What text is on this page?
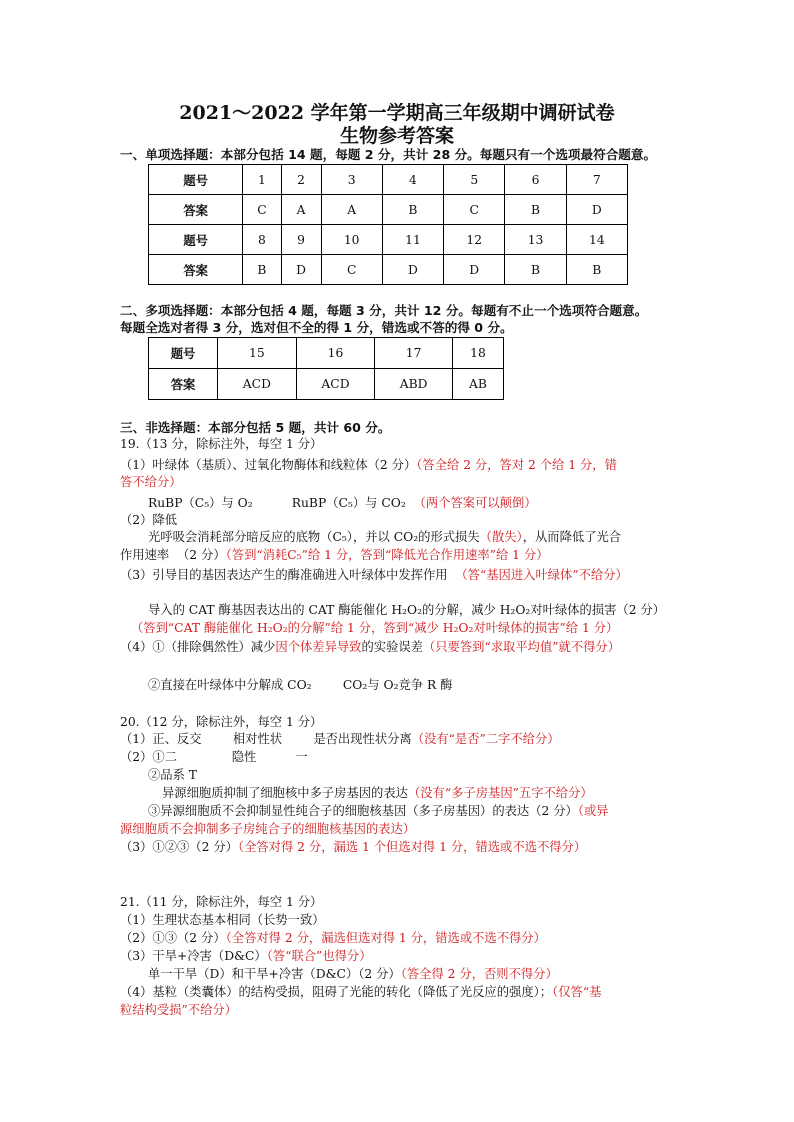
2021～2022 学年第一学期高三年级期中调研试卷
生物参考答案
一、单项选择题：本部分包括 14 题，每题 2 分，共计 28 分。每题只有一个选项最符合题意。
题号	1	2	3	4	5	6	7
答案	C	A	A	B	C	B	D
题号	8	9	10	11	12	13	14
答案	B	D	C	D	D	B	B
二、多项选择题：本部分包括 4 题，每题 3 分，共计 12 分。每题有不止一个选项符合题意。
每题全选对者得 3 分，选对但不全的得 1 分，错选或不答的得 0 分。
题号	15	16	17	18
答案	ACD	ACD	ABD	AB
三、非选择题：本部分包括 5 题，共计 60 分。
19.（13 分，除标注外，每空 1 分）
（1）叶绿体（基质）、过氧化物酶体和线粒体（2 分）（答全给 2 分，答对 2 个给 1 分，错
答不给分）
RuBP（C₅）与 O₂          RuBP（C₅）与 CO₂  （两个答案可以颠倒）
（2）降低
光呼吸会消耗部分暗反应的底物（C₅），并以 CO₂的形式损失（散失），从而降低了光合
作用速率  （2 分）（答到“消耗C₅”给 1 分，答到“降低光合作用速率”给 1 分）
（3）引导目的基因表达产生的酶准确进入叶绿体中发挥作用  （答“基因进入叶绿体”不给分）
导入的 CAT 酶基因表达出的 CAT 酶能催化 H₂O₂的分解，减少 H₂O₂对叶绿体的损害（2 分）
（答到“CAT 酶能催化 H₂O₂的分解”给 1 分，答到“减少 H₂O₂对叶绿体的损害”给 1 分）
（4）①（排除偶然性）减少因个体差异导致的实验误差（只要答到“求取平均值”就不得分）
②直接在叶绿体中分解成 CO₂        CO₂与 O₂竞争 R 酶
20.（12 分，除标注外，每空 1 分）
（1）正、反交        相对性状        是否出现性状分离（没有“是否”二字不给分）
（2）①二              隐性          一
②品系 T
异源细胞质抑制了细胞核中多子房基因的表达（没有“多子房基因”五字不给分）
③异源细胞质不会抑制显性纯合子的细胞核基因（多子房基因）的表达（2 分）（或异
源细胞质不会抑制多子房纯合子的细胞核基因的表达）
（3）①②③（2 分）（全答对得 2 分，漏选 1 个但选对得 1 分，错选或不选不得分）
21.（11 分，除标注外，每空 1 分）
（1）生理状态基本相同（长势一致）
（2）①③（2 分）（全答对得 2 分，漏选但选对得 1 分，错选或不选不得分）
（3）干旱+冷害（D&C）（答“联合”也得分）
单一干旱（D）和干旱+冷害（D&C）（2 分）（答全得 2 分，否则不得分）
（4）基粒（类囊体）的结构受损，阻碍了光能的转化（降低了光反应的强度）；（仅答“基
粒结构受损”不给分）
